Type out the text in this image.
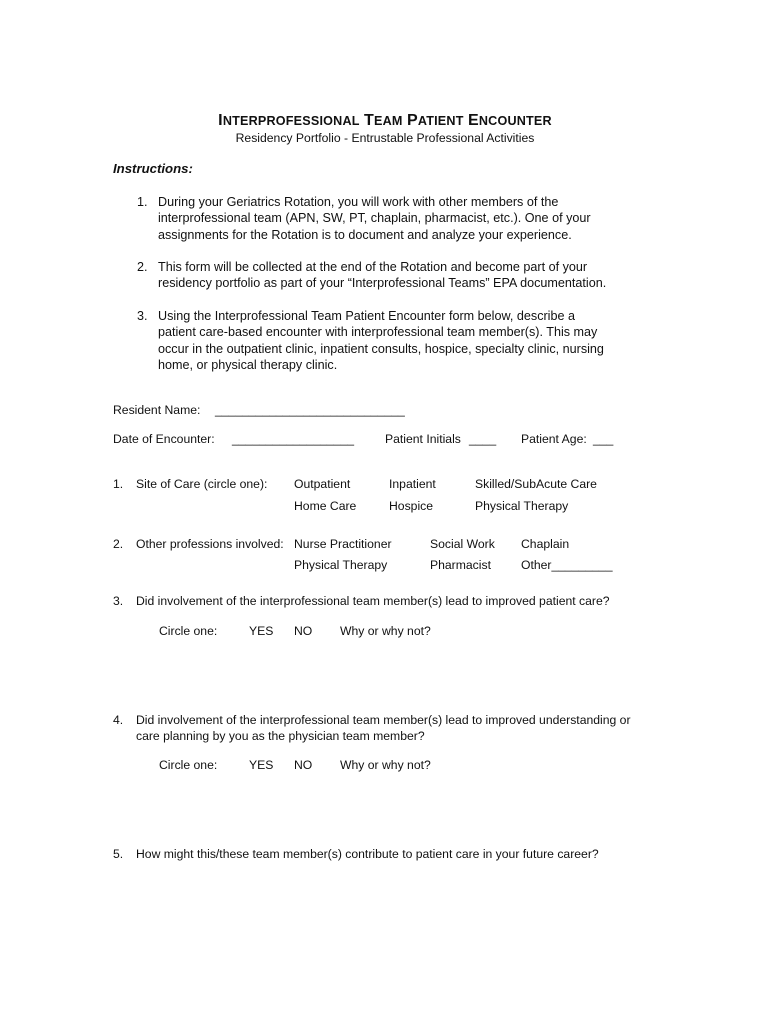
INTERPROFESSIONAL TEAM PATIENT ENCOUNTER
Residency Portfolio - Entrustable Professional Activities
Instructions:
1. During your Geriatrics Rotation, you will work with other members of the
interprofessional team (APN, SW, PT, chaplain, pharmacist, etc.). One of your
assignments for the Rotation is to document and analyze your experience.
2. This form will be collected at the end of the Rotation and become part of your
residency portfolio as part of your “Interprofessional Teams” EPA documentation.
3. Using the Interprofessional Team Patient Encounter form below, describe a
patient care-based encounter with interprofessional team member(s). This may
occur in the outpatient clinic, inpatient consults, hospice, specialty clinic, nursing
home, or physical therapy clinic.
Resident Name: ____________________________
Date of Encounter: __________________	Patient Initials ____ Patient Age: ___
1. Site of Care (circle one): Outpatient	Inpatient	Skilled/SubAcute Care
Home Care	Hospice	Physical Therapy
2. Other professions involved: Nurse Practitioner	Social Work Chaplain
Physical Therapy	Pharmacist Other_________
3. Did involvement of the interprofessional team member(s) lead to improved patient care?
Circle one:	YES NO Why or why not?
4. Did involvement of the interprofessional team member(s) lead to improved understanding or
care planning by you as the physician team member?
Circle one:	YES NO Why or why not?
5. How might this/these team member(s) contribute to patient care in your future career?
